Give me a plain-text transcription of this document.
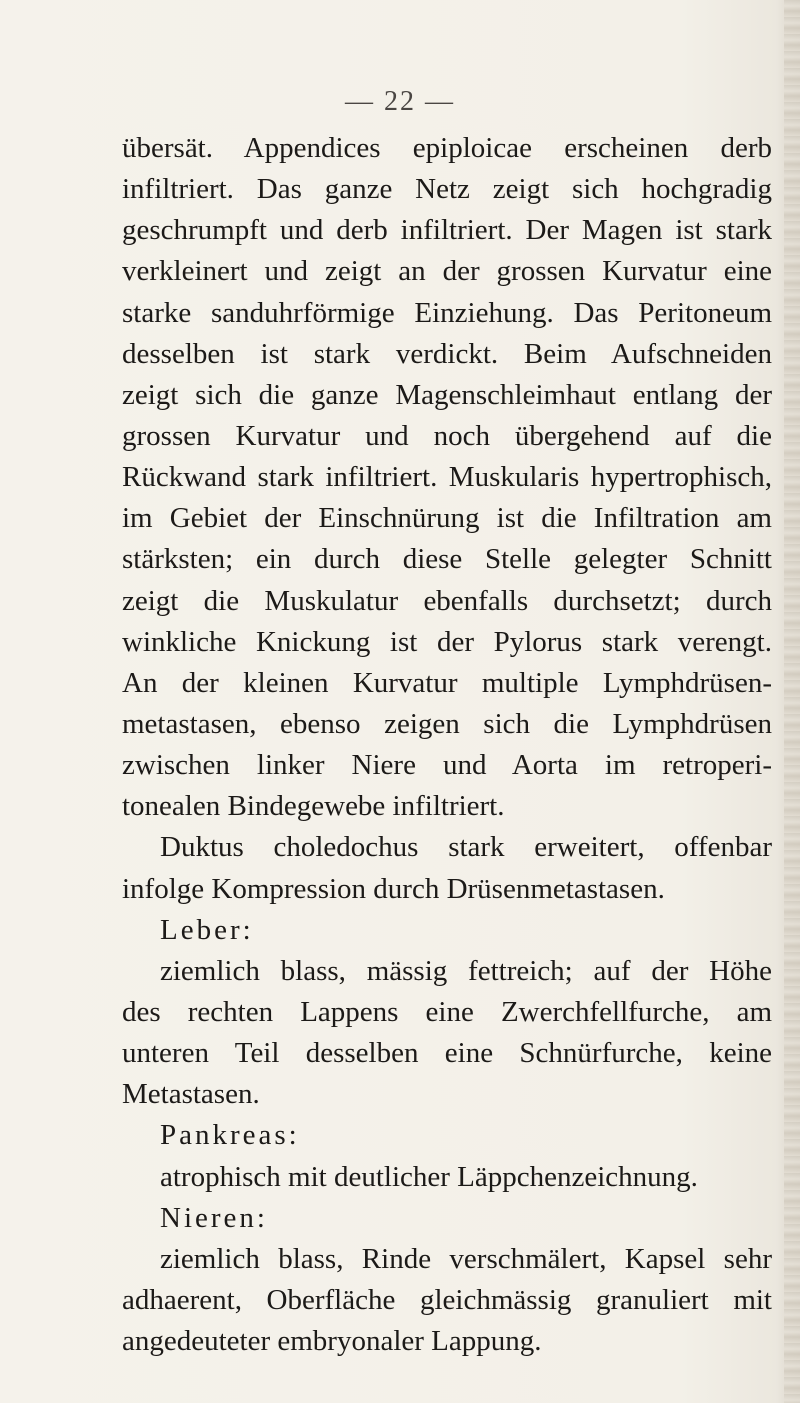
— 22 —
übersät. Appendices epiploicae erscheinen derb
infiltriert. Das ganze Netz zeigt sich hochgradig
geschrumpft und derb infiltriert. Der Magen ist stark
verkleinert und zeigt an der grossen Kurvatur eine
starke sanduhrförmige Einziehung. Das Peritoneum
desselben ist stark verdickt. Beim Aufschneiden
zeigt sich die ganze Magenschleimhaut entlang der
grossen Kurvatur und noch übergehend auf die
Rückwand stark infiltriert. Muskularis hypertrophisch,
im Gebiet der Einschnürung ist die Infiltration am
stärksten; ein durch diese Stelle gelegter Schnitt
zeigt die Muskulatur ebenfalls durchsetzt; durch
winkliche Knickung ist der Pylorus stark verengt.
An der kleinen Kurvatur multiple Lymphdrüsen-
metastasen, ebenso zeigen sich die Lymphdrüsen
zwischen linker Niere und Aorta im retroperi-
tonealen Bindegewebe infiltriert.
Duktus choledochus stark erweitert, offenbar
infolge Kompression durch Drüsenmetastasen.
Leber:
ziemlich blass, mässig fettreich; auf der Höhe
des rechten Lappens eine Zwerchfellfurche, am
unteren Teil desselben eine Schnürfurche, keine
Metastasen.
Pankreas:
atrophisch mit deutlicher Läppchenzeichnung.
Nieren:
ziemlich blass, Rinde verschmälert, Kapsel sehr
adhaerent, Oberfläche gleichmässig granuliert mit
angedeuteter embryonaler Lappung.
